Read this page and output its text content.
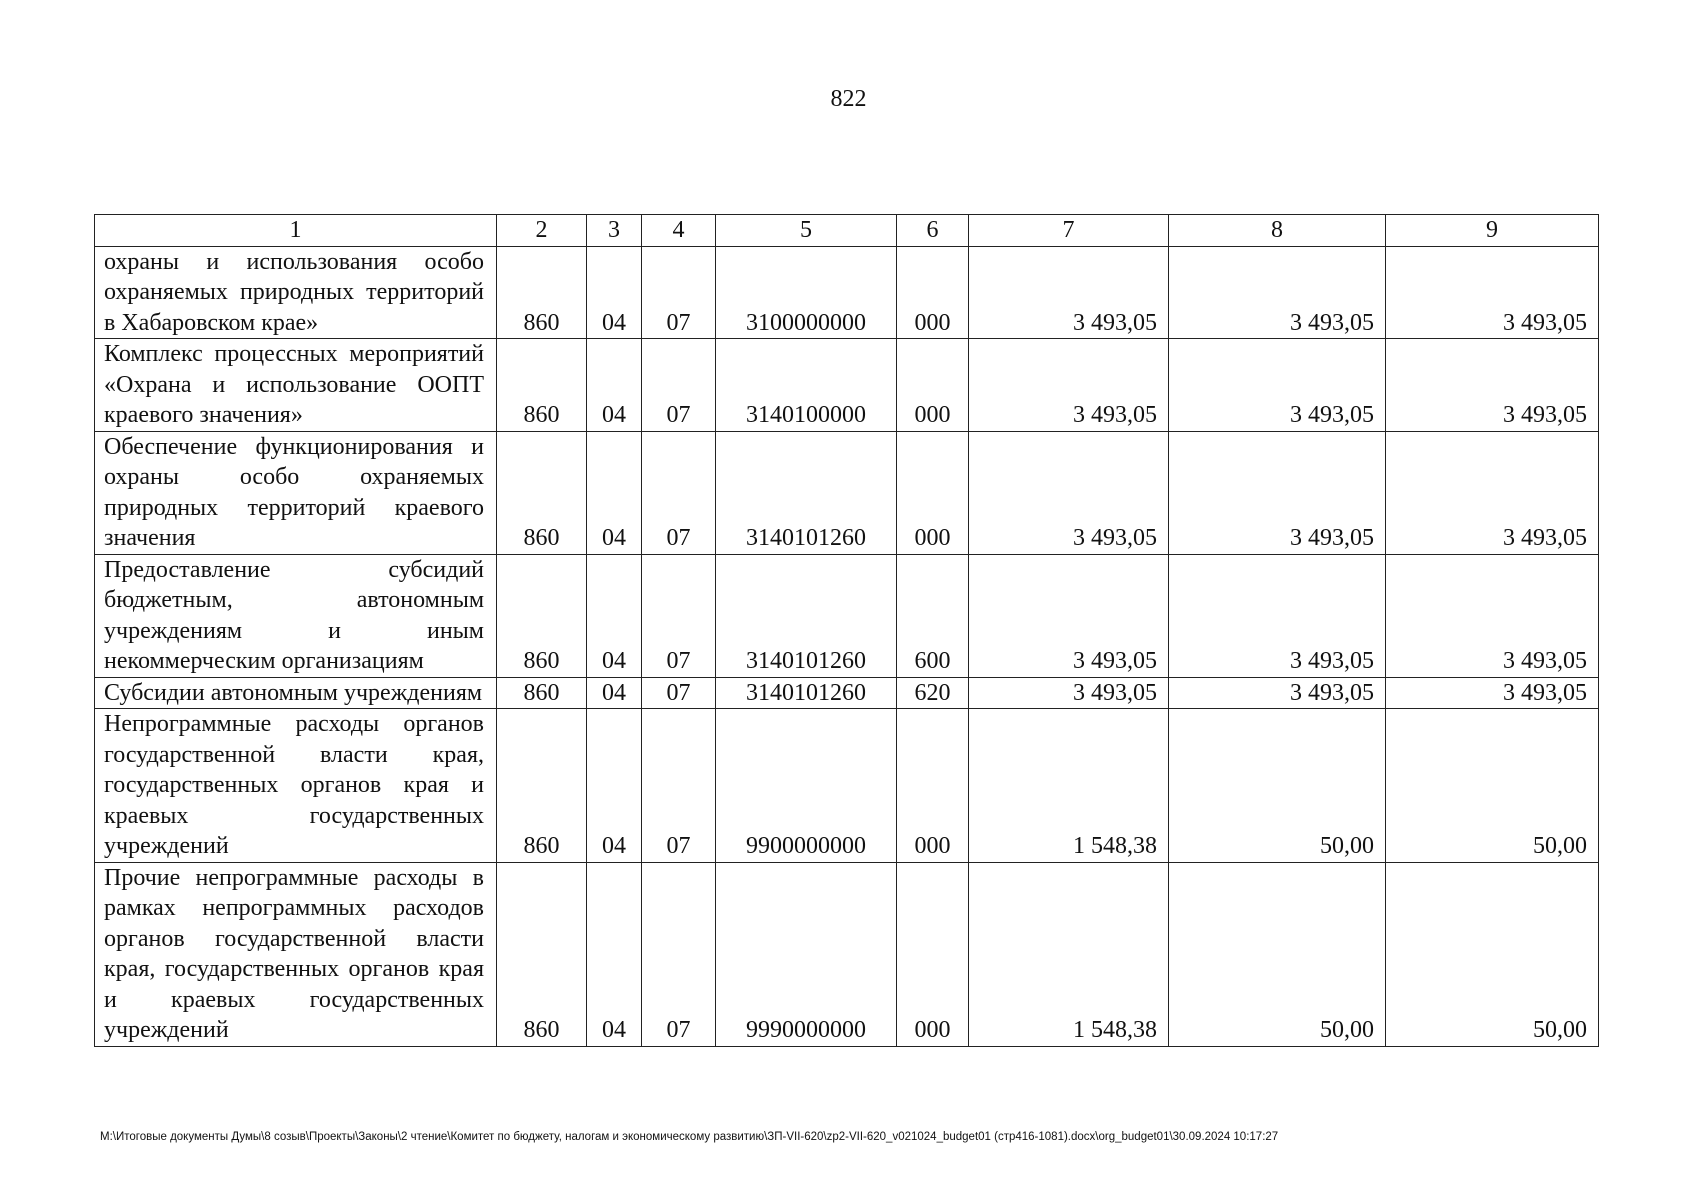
822
1	2	3	4	5	6	7	8	9
охраны и использования особо охраняемых природных территорий в Хабаровском крае»	860	04	07	3100000000	000	3 493,05	3 493,05	3 493,05
Комплекс процессных мероприятий «Охрана и использование ООПТ краевого значения»	860	04	07	3140100000	000	3 493,05	3 493,05	3 493,05
Обеспечение функционирования и охраны особо охраняемых природных территорий краевого значения	860	04	07	3140101260	000	3 493,05	3 493,05	3 493,05
Предоставление субсидий бюджетным, автономным учреждениям и иным некоммерческим организациям	860	04	07	3140101260	600	3 493,05	3 493,05	3 493,05
Субсидии автономным учреждениям	860	04	07	3140101260	620	3 493,05	3 493,05	3 493,05
Непрограммные расходы органов государственной власти края, государственных органов края и краевых государственных учреждений	860	04	07	9900000000	000	1 548,38	50,00	50,00
Прочие непрограммные расходы в рамках непрограммных расходов органов государственной власти края, государственных органов края и краевых государственных учреждений	860	04	07	9990000000	000	1 548,38	50,00	50,00
M:\Итоговые документы Думы\8 созыв\Проекты\Законы\2 чтение\Комитет по бюджету, налогам и экономическому развитию\ЗП-VII-620\zp2-VII-620_v021024_budget01 (стр416-1081).docx\org_budget01\30.09.2024 10:17:27
